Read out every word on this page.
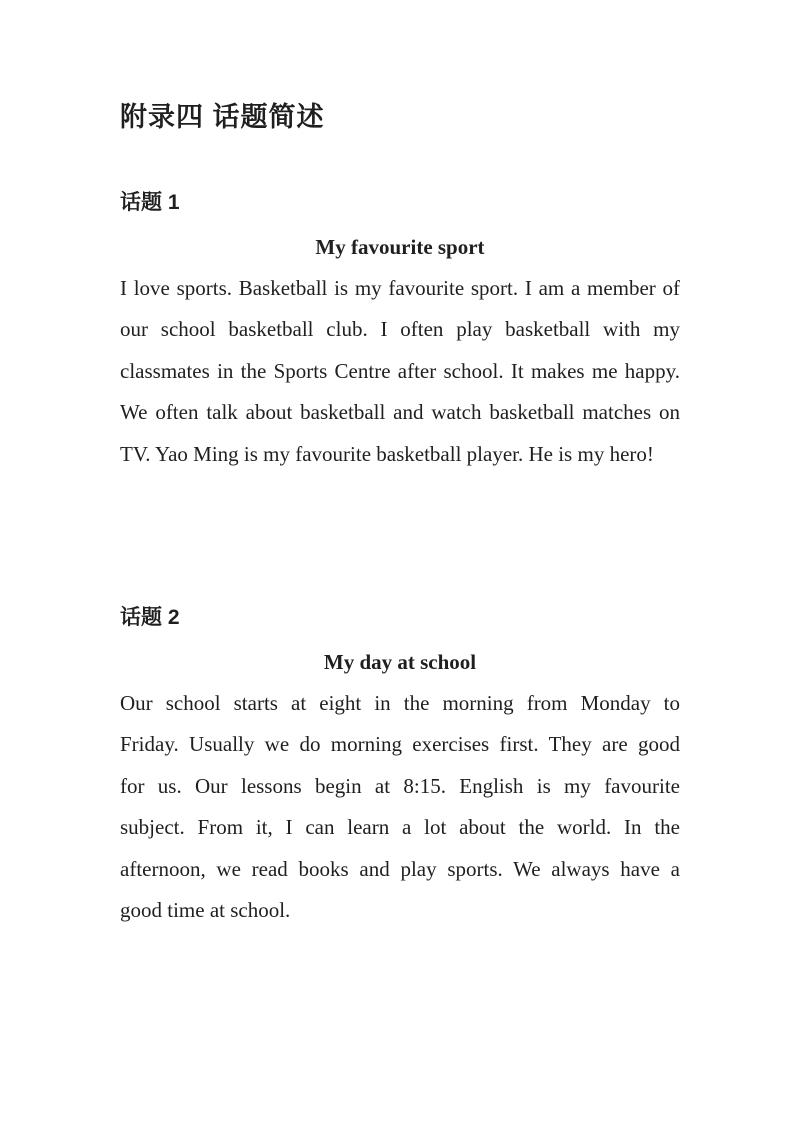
附录四 话题简述
话题 1
My favourite sport
I love sports. Basketball is my favourite sport. I am a member of
our school basketball club. I often play basketball with my
classmates in the Sports Centre after school. It makes me happy.
We often talk about basketball and watch basketball matches on
TV. Yao Ming is my favourite basketball player. He is my hero!
话题 2
My day at school
Our school starts at eight in the morning from Monday to
Friday. Usually we do morning exercises first. They are good
for us. Our lessons begin at 8:15. English is my favourite
subject. From it, I can learn a lot about the world. In the
afternoon, we read books and play sports. We always have a
good time at school.
